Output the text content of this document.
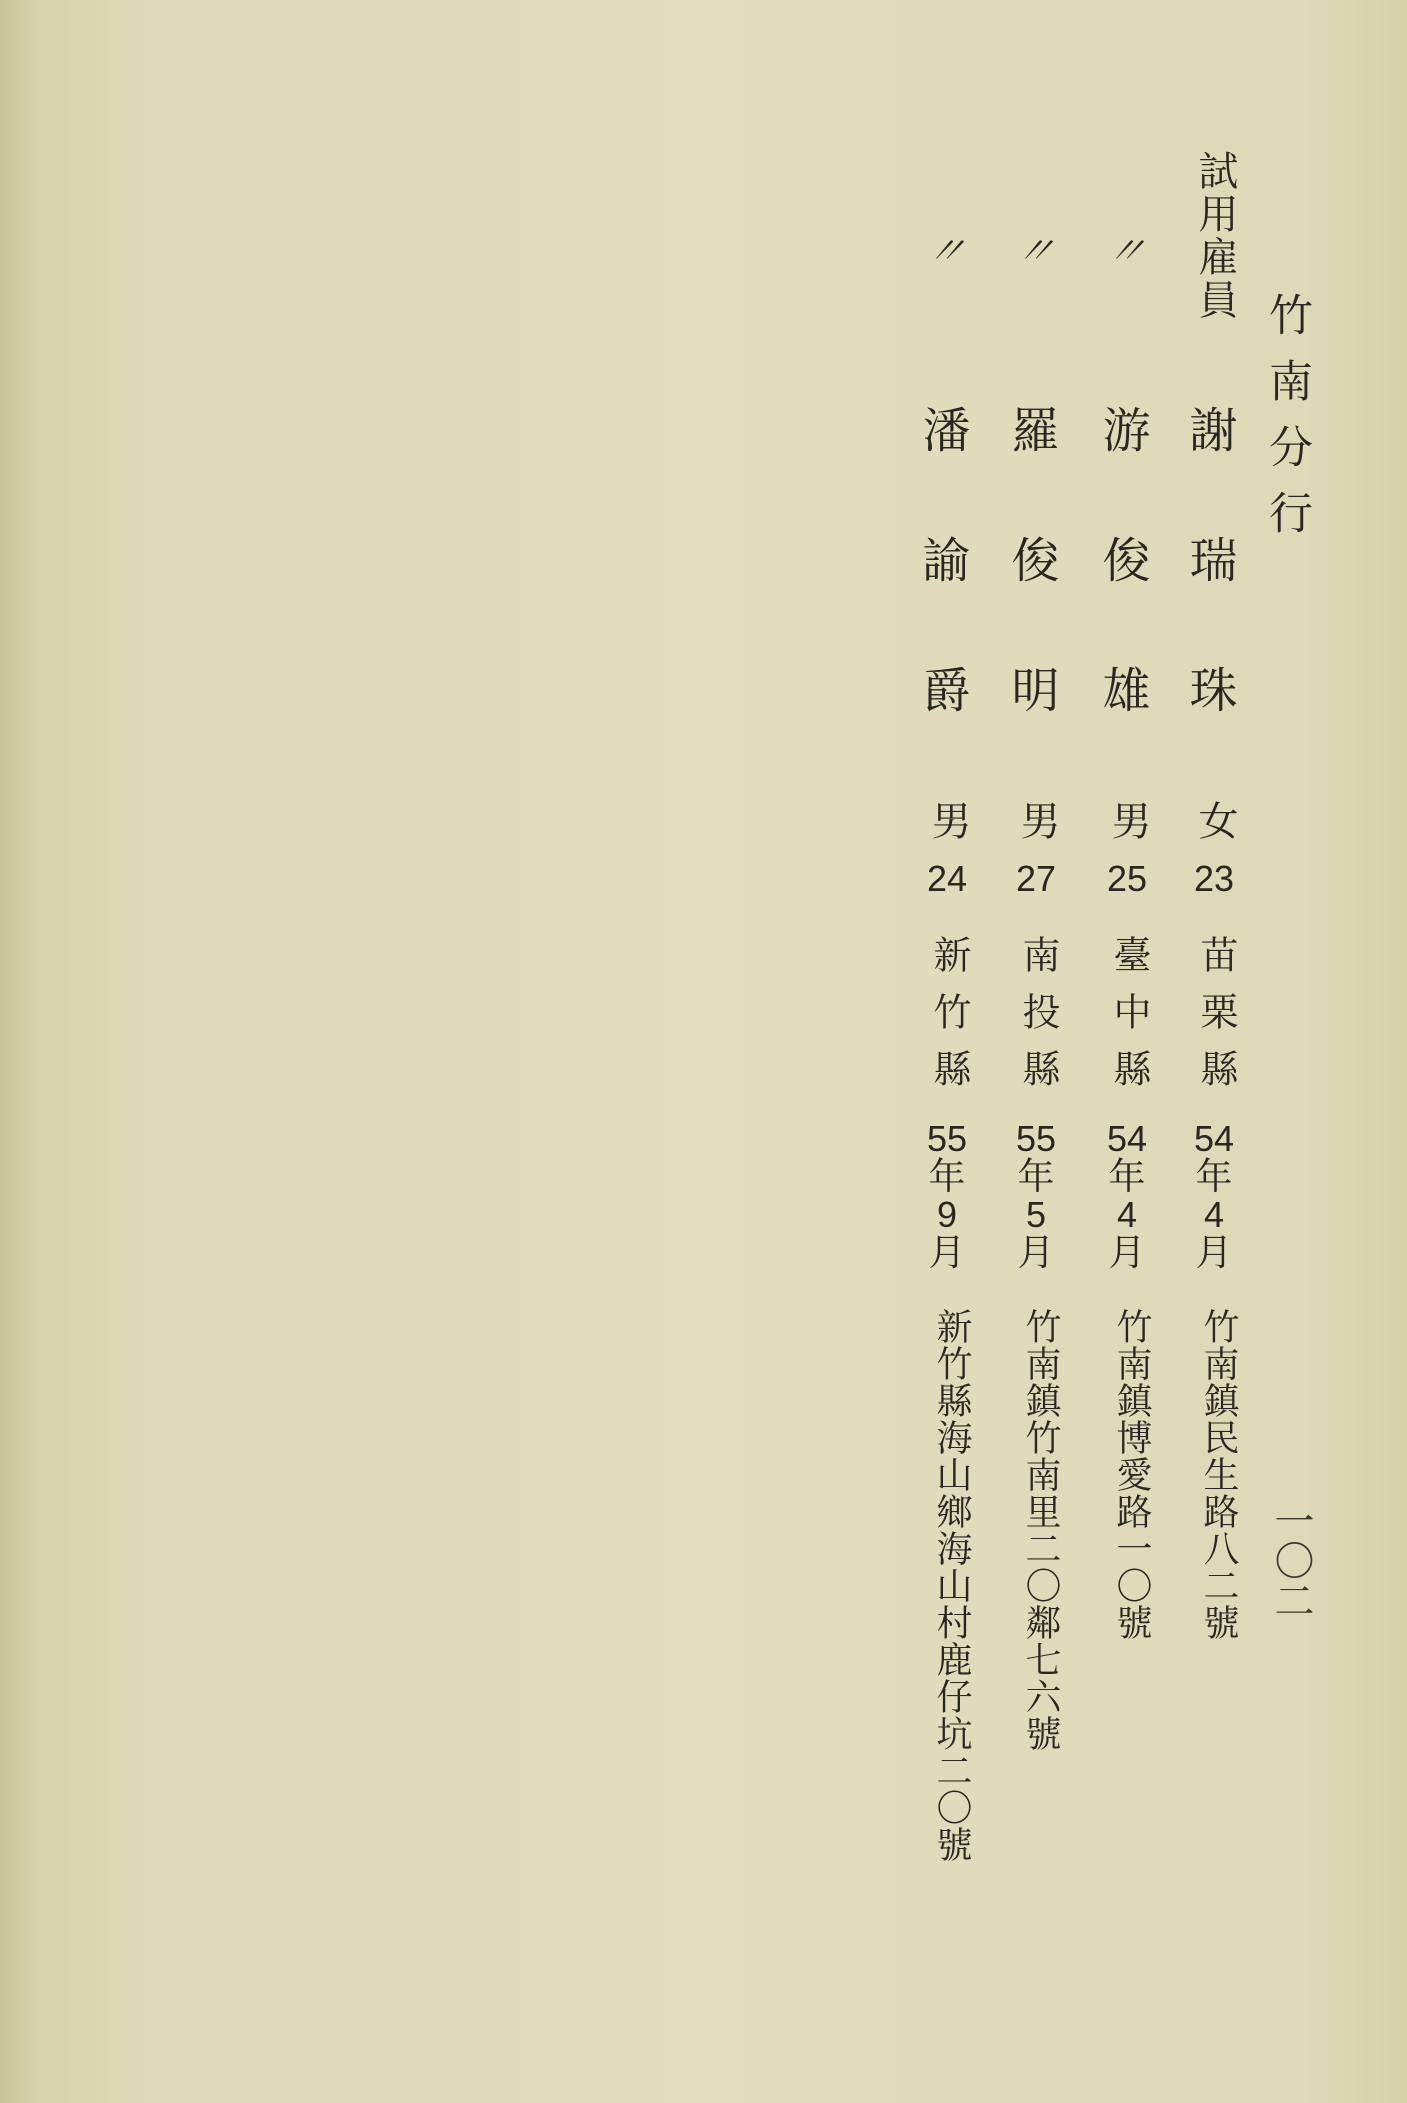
竹南分行
一〇二
試用雇員
謝瑞珠
女
23
苗栗縣
54
年
4
月
竹南鎮民生路八二號
〃
游俊雄
男
25
臺中縣
54
年
4
月
竹南鎮博愛路一〇號
〃
羅俊明
男
27
南投縣
55
年
5
月
竹南鎮竹南里二〇鄰七六號
〃
潘諭爵
男
24
新竹縣
55
年
9
月
新竹縣海山鄉海山村鹿仔坑二〇號
